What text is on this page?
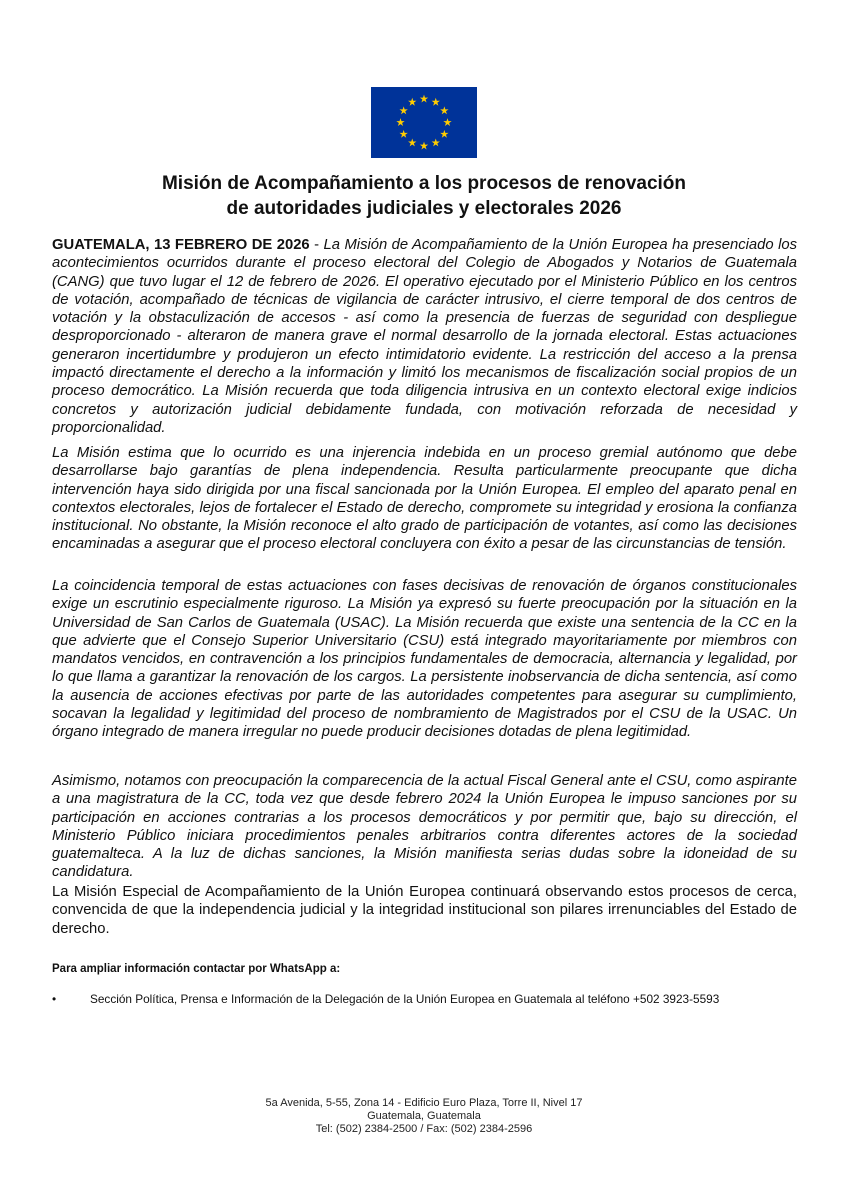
Misión de Acompañamiento a los procesos de renovación
de autoridades judiciales y electorales 2026
GUATEMALA, 13 FEBRERO DE 2026 - La Misión de Acompañamiento de la Unión Europea ha presenciado los acontecimientos ocurridos durante el proceso electoral del Colegio de Abogados y Notarios de Guatemala (CANG) que tuvo lugar el 12 de febrero de 2026. El operativo ejecutado por el Ministerio Público en los centros de votación, acompañado de técnicas de vigilancia de carácter intrusivo, el cierre temporal de dos centros de votación y la obstaculización de accesos - así como la presencia de fuerzas de seguridad con despliegue desproporcionado - alteraron de manera grave el normal desarrollo de la jornada electoral. Estas actuaciones generaron incertidumbre y produjeron un efecto intimidatorio evidente. La restricción del acceso a la prensa impactó directamente el derecho a la información y limitó los mecanismos de fiscalización social propios de un proceso democrático. La Misión recuerda que toda diligencia intrusiva en un contexto electoral exige indicios concretos y autorización judicial debidamente fundada, con motivación reforzada de necesidad y proporcionalidad.
La Misión estima que lo ocurrido es una injerencia indebida en un proceso gremial autónomo que debe desarrollarse bajo garantías de plena independencia. Resulta particularmente preocupante que dicha intervención haya sido dirigida por una fiscal sancionada por la Unión Europea. El empleo del aparato penal en contextos electorales, lejos de fortalecer el Estado de derecho, compromete su integridad y erosiona la confianza institucional. No obstante, la Misión reconoce el alto grado de participación de votantes, así como las decisiones encaminadas a asegurar que el proceso electoral concluyera con éxito a pesar de las circunstancias de tensión.
La coincidencia temporal de estas actuaciones con fases decisivas de renovación de órganos constitucionales exige un escrutinio especialmente riguroso. La Misión ya expresó su fuerte preocupación por la situación en la Universidad de San Carlos de Guatemala (USAC). La Misión recuerda que existe una sentencia de la CC en la que advierte que el Consejo Superior Universitario (CSU) está integrado mayoritariamente por miembros con mandatos vencidos, en contravención a los principios fundamentales de democracia, alternancia y legalidad, por lo que llama a garantizar la renovación de los cargos. La persistente inobservancia de dicha sentencia, así como la ausencia de acciones efectivas por parte de las autoridades competentes para asegurar su cumplimiento, socavan la legalidad y legitimidad del proceso de nombramiento de Magistrados por el CSU de la USAC. Un órgano integrado de manera irregular no puede producir decisiones dotadas de plena legitimidad.
Asimismo, notamos con preocupación la comparecencia de la actual Fiscal General ante el CSU, como aspirante a una magistratura de la CC, toda vez que desde febrero 2024 la Unión Europea le impuso sanciones por su participación en acciones contrarias a los procesos democráticos y por permitir que, bajo su dirección, el Ministerio Público iniciara procedimientos penales arbitrarios contra diferentes actores de la sociedad guatemalteca. A la luz de dichas sanciones, la Misión manifiesta serias dudas sobre la idoneidad de su candidatura.
La Misión Especial de Acompañamiento de la Unión Europea continuará observando estos procesos de cerca, convencida de que la independencia judicial y la integridad institucional son pilares irrenunciables del Estado de derecho.
Para ampliar información contactar por WhatsApp a:
•	Sección Política, Prensa e Información de la Delegación de la Unión Europea en Guatemala al teléfono +502 3923-5593
5a Avenida, 5-55, Zona 14 - Edificio Euro Plaza, Torre II, Nivel 17
Guatemala, Guatemala
Tel: (502) 2384-2500 / Fax: (502) 2384-2596
